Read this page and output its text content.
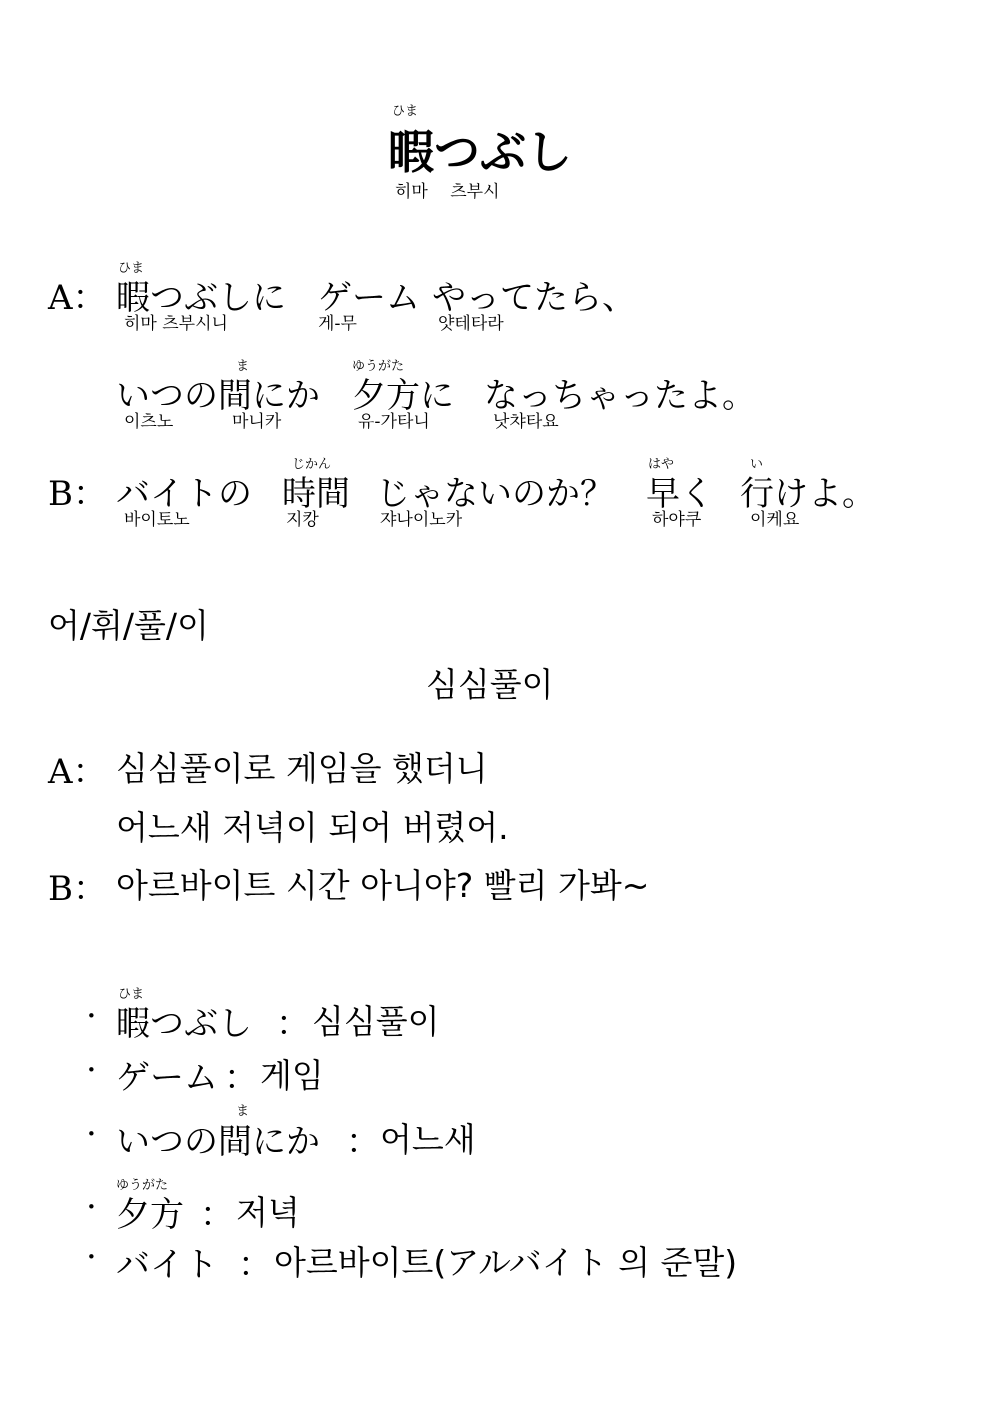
ひま
暇つぶし
히마　 츠부시
ひま
A： 暇つぶしに ゲーム やってたら、
히마 츠부시니	게-무	얏테타라
ま	ゆうがた
いつの間にか 夕方に なっちゃったよ。
이츠노	마니카	유-가타니	낫챠타요
じかん	はや	い
B： バイトの 時間 じゃないのか？ 早く 行けよ。
바이토노	지캉	쟈나이노카	하야쿠	이케요
어/휘/풀/이
심심풀이
A： 심심풀이로 게임을 했더니
어느새 저녁이 되어 버렸어.
B： 아르바이트 시간 아니야? 빨리 가봐~
ひま
· 暇つぶし ： 심심풀이
· ゲーム ： 게임
ま
· いつの間にか ： 어느새
ゆうがた
· 夕方 ： 저녁
· バイト ： 아르바이트(アルバイト 의 준말)
